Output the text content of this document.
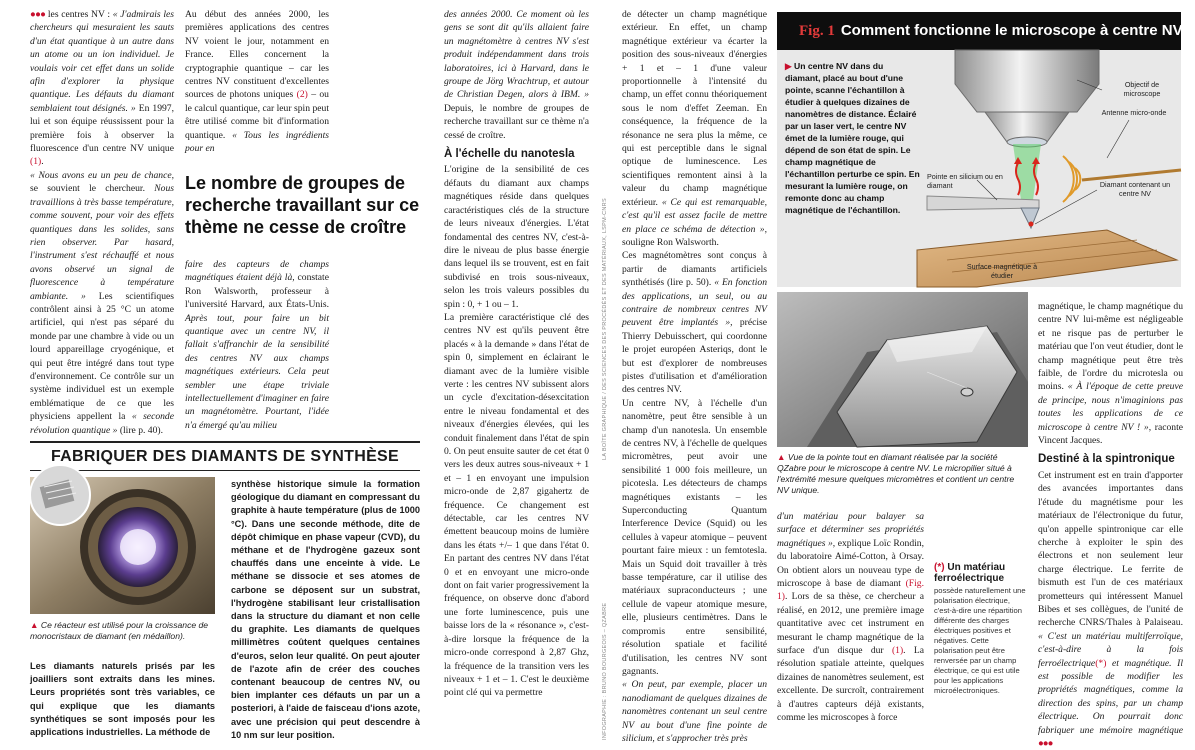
●●● les centres NV : « J'admirais les chercheurs qui mesuraient les sauts d'un état quantique à un autre dans un atome ou un ion individuel. Je voulais voir cet effet dans un solide afin d'explorer la physique quantique. Les défauts du diamant semblaient tout désignés. » En 1997, lui et son équipe réussissent pour la première fois à observer la fluorescence d'un centre NV unique (1).

« Nous avons eu un peu de chance, se souvient le chercheur. Nous travaillions à très basse température, comme souvent, pour voir des effets quantiques dans les solides, sans rien observer. Par hasard, l'instrument s'est réchauffé et nous avons observé un signal de fluorescence à température ambiante. » Les scientifiques contrôlent ainsi à 25 °C un atome artificiel, qui n'est pas séparé du monde par une chambre à vide ou un lourd appareillage cryogénique, et qui peut être intégré dans tout type d'environnement. Ce contrôle sur un système individuel est un exemple emblématique de ce que les physiciens appellent la « seconde révolution quantique » (lire p. 40).

Au début des années 2000, les premières applications des centres NV voient le jour, notamment en France. Elles concernent la cryptographie quantique – car les centres NV constituent d'excellentes sources de photons uniques (2) – ou le calcul quantique, car leur spin peut être utilisé comme bit d'information quantique. « Tous les ingrédients pour en

Le nombre de groupes de recherche travaillant sur ce thème ne cesse de croître

faire des capteurs de champs magnétiques étaient déjà là, constate Ron Walsworth, professeur à l'université Harvard, aux États-Unis. Après tout, pour faire un bit quantique avec un centre NV, il fallait s'affranchir de la sensibilité des centres NV aux champs magnétiques extérieurs. Cela peut sembler une étape triviale intellectuellement d'imaginer en faire un magnétomètre. Pourtant, l'idée n'a émergé qu'au milieu

FABRIQUER DES DIAMANTS DE SYNTHÈSE
▲ Ce réacteur est utilisé pour la croissance de monocristaux de diamant (en médaillon).
Les diamants naturels prisés par les joailliers sont extraits dans les mines. Leurs propriétés sont très variables, ce qui explique que les diamants synthétiques se sont imposés pour les applications industrielles. La méthode de
synthèse historique simule la formation géologique du diamant en compressant du graphite à haute température (plus de 1000 °C). Dans une seconde méthode, dite de dépôt chimique en phase vapeur (CVD), du méthane et de l'hydrogène gazeux sont chauffés dans une enceinte à vide. Le méthane se dissocie et ses atomes de carbone se déposent sur un substrat, l'hydrogène stabilisant leur cristallisation dans la structure du diamant et non celle du graphite. Les diamants de quelques millimètres coûtent quelques centaines d'euros, selon leur qualité. On peut ajouter de l'azote afin de créer des couches contenant beaucoup de centres NV, ou bien implanter ces défauts un par un a posteriori, à l'aide de faisceau d'ions azote, avec une précision qui peut descendre à 10 nm sur leur position.

des années 2000. Ce moment où les gens se sont dit qu'ils allaient faire un magnétomètre à centres NV s'est produit indépendamment dans trois laboratoires, ici à Harvard, dans le groupe de Jörg Wrachtrup, et autour de Christian Degen, alors à IBM. » Depuis, le nombre de groupes de recherche travaillant sur ce thème n'a cessé de croître.

À l'échelle du nanotesla

L'origine de la sensibilité de ces défauts du diamant aux champs magnétiques réside dans quelques caractéristiques clés de la structure de leurs niveaux d'énergies. L'état fondamental des centres NV, c'est-à-dire le niveau de plus basse énergie dans lequel ils se trouvent, est en fait subdivisé en trois sous-niveaux, selon les trois valeurs possibles du spin : 0, + 1 ou – 1.

La première caractéristique clé des centres NV est qu'ils peuvent être placés « à la demande » dans l'état de spin 0, simplement en éclairant le diamant avec de la lumière visible verte : les centres NV subissent alors un cycle d'excitation-désexcitation entre le niveau fondamental et des niveaux d'énergies élevées, qui les conduit finalement dans l'état de spin 0. On peut ensuite sauter de cet état 0 vers les deux autres sous-niveaux + 1 et – 1 en envoyant une impulsion micro-onde de 2,87 gigahertz de fréquence. Ce changement est détectable, car les centres NV émettent beaucoup moins de lumière dans les états +/– 1 que dans l'état 0. En partant des centres NV dans l'état 0 et en envoyant une micro-onde dont on fait varier progressivement la fréquence, on observe donc d'abord une forte luminescence, puis une baisse lors de la « résonance », c'est-à-dire lorsque la fréquence de la micro-onde correspond à 2,87 Ghz, la fréquence de la transition vers les niveaux + 1 et – 1. C'est le deuxième point clé qui va permettre

LA BOÎTE GRAPHIQUE / DES SCIENCES DES PROCÉDÉS ET DES MATÉRIAUX, LSPM-CNRS
INFOGRAPHIE : BRUNO BOURGEOIS – QZABRE

de détecter un champ magnétique extérieur. En effet, un champ magnétique extérieur va écarter la position des sous-niveaux d'énergies + 1 et – 1 d'une valeur proportionnelle à l'intensité du champ, un effet connu théoriquement sous le nom d'effet Zeeman. En conséquence, la fréquence de la résonance ne sera plus la même, ce qui est perceptible dans le signal optique de luminescence. Les scientifiques remontent ainsi à la valeur du champ magnétique extérieur. « Ce qui est remarquable, c'est qu'il est assez facile de mettre en place ce schéma de détection », souligne Ron Walsworth.

Ces magnétomètres sont conçus à partir de diamants artificiels synthétisés (lire p. 50). « En fonction des applications, un seul, ou au contraire de nombreux centres NV peuvent être implantés », précise Thierry Debuisschert, qui coordonne le projet européen Asteriqs, dont le but est d'explorer de nombreuses pistes d'utilisation et d'amélioration des centres NV.

Un centre NV, à l'échelle d'un nanomètre, peut être sensible à un champ d'un nanotesla. Un ensemble de centres NV, à l'échelle de quelques micromètres, peut avoir une sensibilité 1 000 fois meilleure, un picotesla. Les détecteurs de champs magnétiques existants – les Superconducting Quantum Interference Device (Squid) ou les cellules à vapeur atomique – peuvent pourtant faire mieux : un femtotesla. Mais un Squid doit travailler à très basse température, car il utilise des matériaux supraconducteurs ; une cellule de vapeur atomique mesure, elle, plusieurs centimètres. Dans le compromis entre sensibilité, résolution spatiale et facilité d'utilisation, les centres NV sont gagnants.

« On peut, par exemple, placer un nanodiamant de quelques dizaines de nanomètres contenant un seul centre NV au bout d'une fine pointe de silicium, et s'approcher très près

Fig. 1 Comment fonctionne le microscope à centre NV
▶ Un centre NV dans du diamant, placé au bout d'une pointe, scanne l'échantillon à étudier à quelques dizaines de nanomètres de distance. Éclairé par un laser vert, le centre NV émet de la lumière rouge, qui dépend de son état de spin. Le champ magnétique de l'échantillon perturbe ce spin. En mesurant la lumière rouge, on remonte donc au champ magnétique de l'échantillon.
Objectif de microscope
Antenne micro-onde
Pointe en silicium ou en diamant	Diamant contenant un centre NV
Surface magnétique à étudier
▲ Vue de la pointe tout en diamant réalisée par la société QZabre pour le microscope à centre NV. Le micropilier situé à l'extrémité mesure quelques micromètres et contient un centre NV unique.

d'un matériau pour balayer sa surface et déterminer ses propriétés magnétiques », explique Loïc Rondin, du laboratoire Aimé-Cotton, à Orsay. On obtient alors un nouveau type de microscope à base de diamant (Fig. 1). Lors de sa thèse, ce chercheur a réalisé, en 2012, une première image quantitative avec cet instrument en mesurant le champ magnétique de la surface d'un disque dur (1). La résolution spatiale atteinte, quelques dizaines de nanomètres seulement, est excellente. De surcroît, contrairement à d'autres capteurs déjà existants, comme les microscopes à force

(*) Un matériau ferroélectrique
possède naturellement une polarisation électrique, c'est-à-dire une répartition différente des charges électriques positives et négatives. Cette polarisation peut être renversée par un champ électrique, ce qui est utile pour les applications microélectroniques.

magnétique, le champ magnétique du centre NV lui-même est négligeable et ne risque pas de perturber le matériau que l'on veut étudier, dont le champ magnétique peut être très faible, de l'ordre du microtesla ou moins. « À l'époque de cette preuve de principe, nous n'imaginions pas toutes les applications de ce microscope à centre NV ! », raconte Vincent Jacques.

Destiné à la spintronique

Cet instrument est en train d'apporter des avancées importantes dans l'étude du magnétisme pour les matériaux de l'électronique du futur, qu'on appelle spintronique car elle cherche à exploiter le spin des électrons et non seulement leur charge électrique. Le ferrite de bismuth est l'un de ces matériaux prometteurs qui intéressent Manuel Bibes et ses collègues, de l'unité de recherche CNRS/Thales à Palaiseau. « C'est un matériau multiferroïque, c'est-à-dire à la fois ferroélectrique(*) et magnétique. Il est possible de modifier les propriétés magnétiques, comme la direction des spins, par un champ électrique. On pourrait donc fabriquer une mémoire magnétique ●●●
